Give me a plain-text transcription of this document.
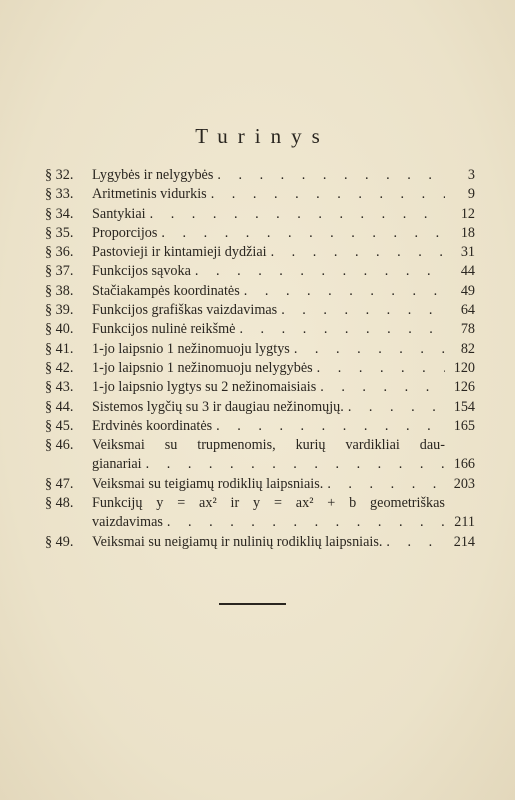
Turinys
§ 32.	Lygybės ir nelygybės . . .	3
§ 33.	Aritmetinis vidurkis . . .	9
§ 34.	Santykiai . . .	12
§ 35.	Proporcijos . . .	18
§ 36.	Pastovieji ir kintamieji dydžiai . . .	31
§ 37.	Funkcijos sąvoka . . .	44
§ 38.	Stačiakampės koordinatės . . .	49
§ 39.	Funkcijos grafiškas vaizdavimas . . .	64
§ 40.	Funkcijos nulinė reikšmė . . .	78
§ 41.	1-jo laipsnio 1 nežinomuoju lygtys . . .	82
§ 42.	1-jo laipsnio 1 nežinomuoju nelygybės . . .	120
§ 43.	1-jo laipsnio lygtys su 2 nežinomaisiais . . .	126
§ 44.	Sistemos lygčių su 3 ir daugiau nežinomųjų. . . .	154
§ 45.	Erdvinės koordinatės . . .	165
§ 46.	Veiksmai su trupmenomis, kurių vardikliai dau-
gianariai . . .	166
§ 47.	Veiksmai su teigiamų rodiklių laipsniais. . . .	203
§ 48.	Funkcijų y = ax² ir y = ax² + b geometriškas
vaizdavimas . . .	211
§ 49.	Veiksmai su neigiamų ir nulinių rodiklių laipsniais. . . .	214
